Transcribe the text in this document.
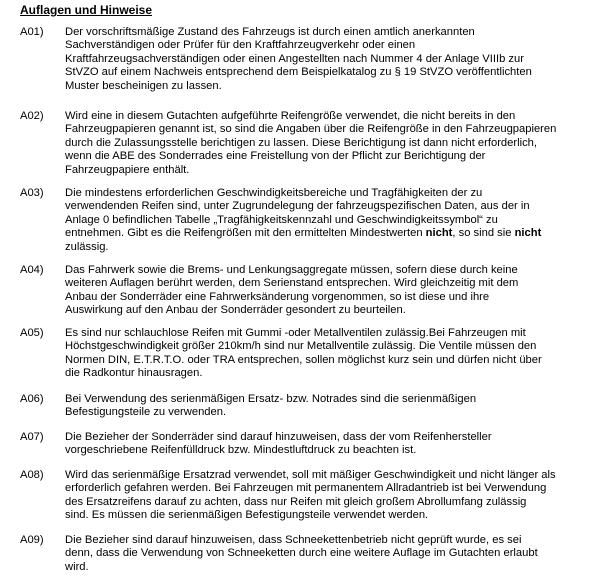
Auflagen und Hinweise
A01) Der vorschriftsmäßige Zustand des Fahrzeugs ist durch einen amtlich anerkannten
Sachverständigen oder Prüfer für den Kraftfahrzeugverkehr oder einen
Kraftfahrzeugsachverständigen oder einen Angestellten nach Nummer 4 der Anlage VIIIb zur
StVZO auf einem Nachweis entsprechend dem Beispielkatalog zu § 19 StVZO veröffentlichten
Muster bescheinigen zu lassen.
A02) Wird eine in diesem Gutachten aufgeführte Reifengröße verwendet, die nicht bereits in den
Fahrzeugpapieren genannt ist, so sind die Angaben über die Reifengröße in den Fahrzeugpapieren
durch die Zulassungsstelle berichtigen zu lassen. Diese Berichtigung ist dann nicht erforderlich,
wenn die ABE des Sonderrades eine Freistellung von der Pflicht zur Berichtigung der
Fahrzeugpapiere enthält.
A03) Die mindestens erforderlichen Geschwindigkeitsbereiche und Tragfähigkeiten der zu
verwendenden Reifen sind, unter Zugrundelegung der fahrzeugspezifischen Daten, aus der in
Anlage 0 befindlichen Tabelle „Tragfähigkeitskennzahl und Geschwindigkeitssymbol“ zu
entnehmen. Gibt es die Reifengrößen mit den ermittelten Mindestwerten nicht, so sind sie nicht
zulässig.
A04) Das Fahrwerk sowie die Brems- und Lenkungsaggregate müssen, sofern diese durch keine
weiteren Auflagen berührt werden, dem Serienstand entsprechen. Wird gleichzeitig mit dem
Anbau der Sonderräder eine Fahrwerksänderung vorgenommen, so ist diese und ihre
Auswirkung auf den Anbau der Sonderräder gesondert zu beurteilen.
A05) Es sind nur schlauchlose Reifen mit Gummi -oder Metallventilen zulässig.Bei Fahrzeugen mit
Höchstgeschwindigkeit größer 210km/h sind nur Metallventile zulässig. Die Ventile müssen den
Normen DIN, E.T.R.T.O. oder TRA entsprechen, sollen möglichst kurz sein und dürfen nicht über
die Radkontur hinausragen.
A06) Bei Verwendung des serienmäßigen Ersatz- bzw. Notrades sind die serienmäßigen
Befestigungsteile zu verwenden.
A07) Die Bezieher der Sonderräder sind darauf hinzuweisen, dass der vom Reifenhersteller
vorgeschriebene Reifenfülldruck bzw. Mindestluftdruck zu beachten ist.
A08) Wird das serienmäßige Ersatzrad verwendet, soll mit mäßiger Geschwindigkeit und nicht länger als
erforderlich gefahren werden. Bei Fahrzeugen mit permanentem Allradantrieb ist bei Verwendung
des Ersatzreifens darauf zu achten, dass nur Reifen mit gleich großem Abrollumfang zulässig
sind. Es müssen die serienmäßigen Befestigungsteile verwendet werden.
A09) Die Bezieher sind darauf hinzuweisen, dass Schneekettenbetrieb nicht geprüft wurde, es sei
denn, dass die Verwendung von Schneeketten durch eine weitere Auflage im Gutachten erlaubt
wird.
